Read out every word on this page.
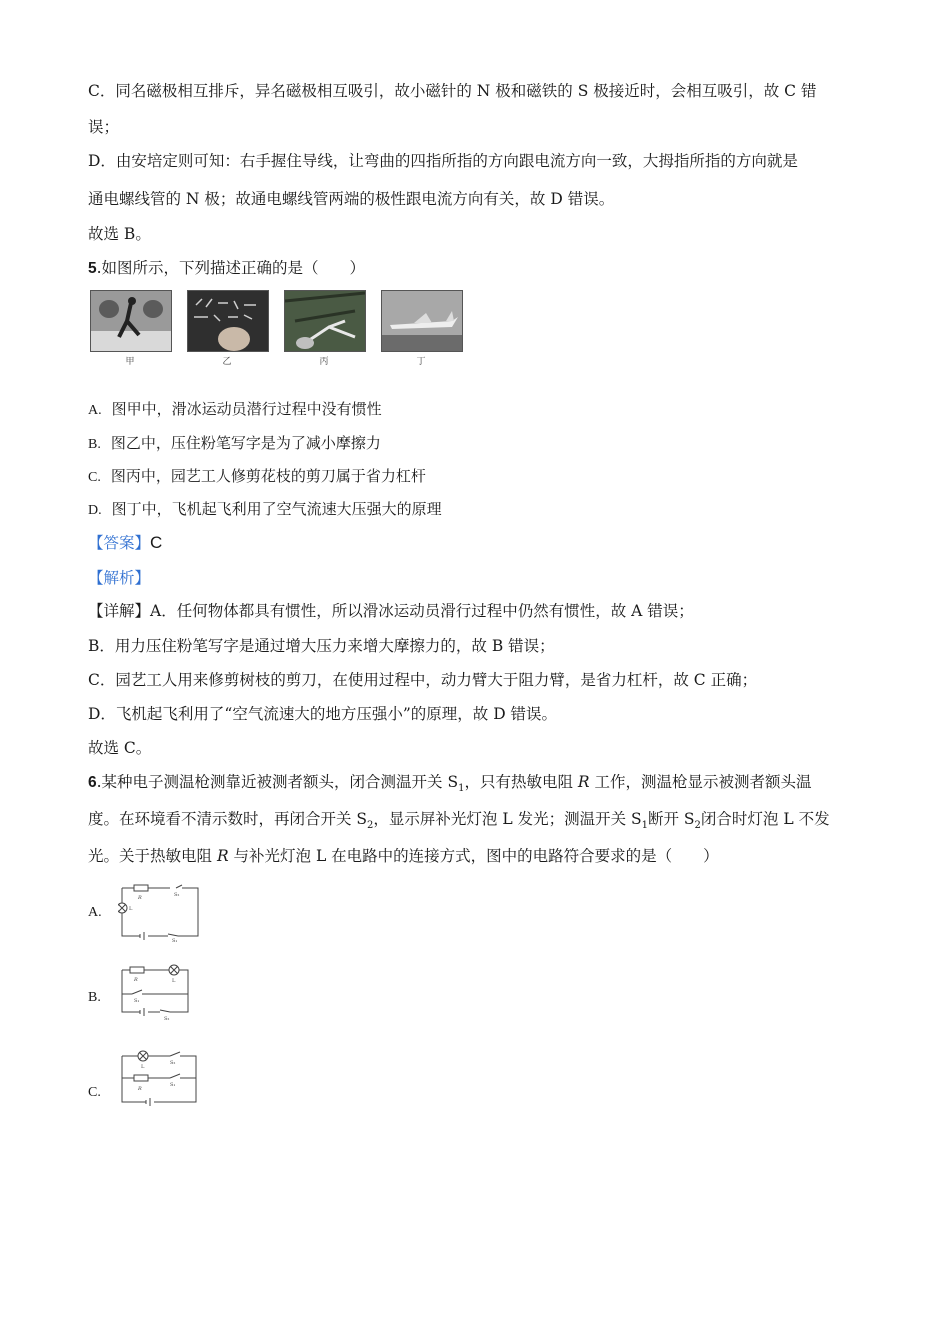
C．同名磁极相互排斥，异名磁极相互吸引，故小磁针的 N 极和磁铁的 S 极接近时，会相互吸引，故 C 错
误；
D．由安培定则可知：右手握住导线，让弯曲的四指所指的方向跟电流方向一致，大拇指所指的方向就是
通电螺线管的 N 极；故通电螺线管两端的极性跟电流方向有关，故 D 错误。
故选 B。
5.如图所示，下列描述正确的是（　　）
甲	乙	丙	丁
A. 图甲中，滑冰运动员潜行过程中没有惯性
B. 图乙中，压住粉笔写字是为了减小摩擦力
C. 图丙中，园艺工人修剪花枝的剪刀属于省力杠杆
D. 图丁中，飞机起飞利用了空气流速大压强大的原理
【答案】C
【解析】
【详解】A．任何物体都具有惯性，所以滑冰运动员滑行过程中仍然有惯性，故 A 错误；
B．用力压住粉笔写字是通过增大压力来增大摩擦力的，故 B 错误；
C．园艺工人用来修剪树枝的剪刀，在使用过程中，动力臂大于阻力臂，是省力杠杆，故 C 正确；
D．飞机起飞利用了“空气流速大的地方压强小”的原理，故 D 错误。
故选 C。
6.某种电子测温枪测靠近被测者额头，闭合测温开关 $S_1$，只有热敏电阻 R 工作，测温枪显示被测者额头温
度。在环境看不清示数时，再闭合开关 $S_2$，显示屏补光灯泡 L 发光；测温开关 $S_1$断开 $S_2$闭合时灯泡 L 不发
光。关于热敏电阻 R 与补光灯泡 L 在电路中的连接方式，图中的电路符合要求的是（　　）
A.
R
L
S₂
S₁
B.
R	L
S₁
S₂
C.
L
R
S₂
S₁
